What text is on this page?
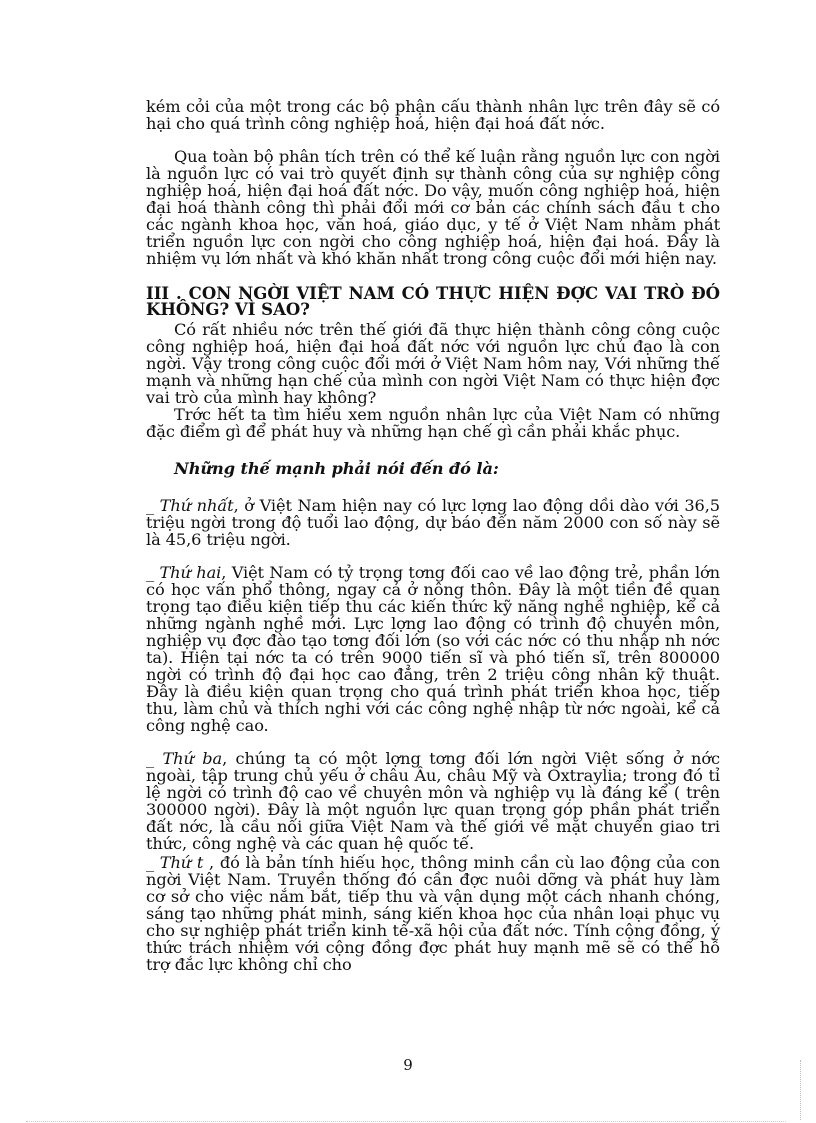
kém cỏi của một trong các bộ phận cấu thành nhân lực trên đây sẽ có hại cho quá trình công nghiệp hoá, hiện đại hoá đất nớc.

Qua toàn bộ phân tích trên có thể kế luận rằng nguồn lực con ngời là nguồn lực có vai trò quyết định sự thành công của sự nghiệp công nghiệp hoá, hiện đại hoá đất nớc. Do vậy, muốn công nghiệp hoá, hiện đại hoá thành công thì phải đổi mới cơ bản các chính sách đầu t cho các ngành khoa học, văn hoá, giáo dục, y tế ở Việt Nam nhằm phát triển nguồn lực con ngời cho công nghiệp hoá, hiện đại hoá. Đây là nhiệm vụ lớn nhất và khó khăn nhất trong công cuộc đổi mới hiện nay.

III . CON NGỜI VIỆT NAM CÓ THỰC HIỆN ĐỢC VAI TRÒ ĐÓ KHÔNG? VÌ SAO?

Có rất nhiều nớc trên thế giới đã thực hiện thành công công cuộc công nghiệp hoá, hiện đại hoá đất nớc với nguồn lực chủ đạo là con ngời. Vậy trong công cuộc đổi mới ở Việt Nam hôm nay, Với những thế mạnh và những hạn chế của mình con ngời Việt Nam có thực hiện đợc vai trò của mình hay không?

Trớc hết ta tìm hiểu xem nguồn nhân lực của Việt Nam có những đặc điểm gì để phát huy và những hạn chế gì cần phải khắc phục.

Những thế mạnh phải nói đến đó là:

_ Thứ nhất, ở Việt Nam hiện nay có lực lợng lao động dồi dào với 36,5 triệu ngời trong độ tuổi lao động, dự báo đến năm 2000 con số này sẽ là 45,6 triệu ngời.

_ Thứ hai, Việt Nam có tỷ trọng tơng đối cao về lao động trẻ, phần lớn có học vấn phổ thông, ngay cả ở nông thôn. Đây là một tiền đề quan trọng tạo điều kiện tiếp thu các kiến thức kỹ năng nghề nghiệp, kể cả những ngành nghề mới. Lực lợng lao động có trình độ chuyên môn, nghiệp vụ đợc đào tạo tơng đối lớn (so với các nớc có thu nhập nh nớc ta). Hiện tại nớc ta có trên 9000 tiến sĩ và phó tiến sĩ, trên 800000 ngời có trình độ đại học cao đẳng, trên 2 triệu công nhân kỹ thuật. Đây là điều kiện quan trọng cho quá trình phát triển khoa học, tiếp thu, làm chủ và thích nghi với các công nghệ nhập từ nớc ngoài, kể cả công nghệ cao.

_ Thứ ba, chúng ta có một lợng tơng đối lớn ngời Việt sống ở nớc ngoài, tập trung chủ yếu ở châu Âu, châu Mỹ và Oxtraylia; trong đó tỉ lệ ngời có trình độ cao về chuyên môn và nghiệp vụ là đáng kể ( trên 300000 ngời). Đây là một nguồn lực quan trọng góp phần phát triển đất nớc, là cầu nối giữa Việt Nam và thế giới về mặt chuyển giao tri thức, công nghệ và các quan hệ quốc tế.

_ Thứ t , đó là bản tính hiếu học, thông minh cần cù lao động của con ngời Việt Nam. Truyền thống đó cần đợc nuôi dỡng và phát huy làm cơ sở cho việc nắm bắt, tiếp thu và vận dụng một cách nhanh chóng, sáng tạo những phát minh, sáng kiến khoa học của nhân loại phục vụ cho sự nghiệp phát triển kinh tế-xã hội của đất nớc. Tính cộng đồng, ý thức trách nhiệm với cộng đồng đợc phát huy mạnh mẽ sẽ có thể hỗ trợ đắc lực không chỉ cho

9
